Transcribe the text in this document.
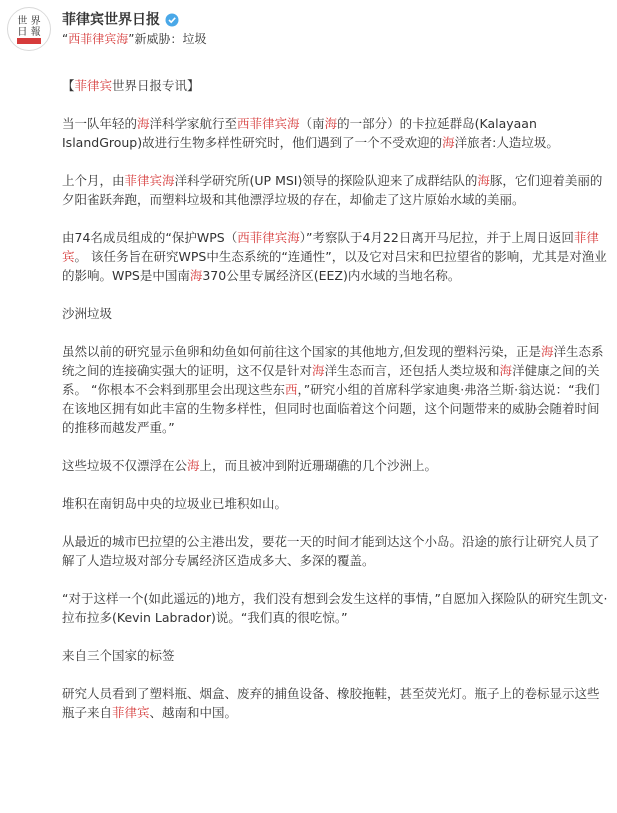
世 界
日 報
菲律宾世界日报
“西菲律宾海”新威胁：垃圾

【菲律宾世界日报专讯】

当一队年轻的海洋科学家航行至西菲律宾海（南海的一部分）的卡拉延群岛(Kalayaan IslandGroup)故进行生物多样性研究时，他们遇到了一个不受欢迎的海洋旅者:人造垃圾。

上个月，由菲律宾海洋科学研究所(UP MSI)领导的探险队迎来了成群结队的海豚，它们迎着美丽的夕阳雀跃奔跑，而塑料垃圾和其他漂浮垃圾的存在，却偷走了这片原始水域的美丽。

由74名成员组成的“保护WPS（西菲律宾海）”考察队于4月22日离开马尼拉，并于上周日返回菲律宾。 该任务旨在研究WPS中生态系统的“连通性”，以及它对吕宋和巴拉望省的影响，尤其是对渔业的影响。WPS是中国南海370公里专属经济区(EEZ)内水域的当地名称。

沙洲垃圾

虽然以前的研究显示鱼卵和幼鱼如何前往这个国家的其他地方,但发现的塑料污染，正是海洋生态系统之间的连接确实强大的证明，这不仅是针对海洋生态而言，还包括人类垃圾和海洋健康之间的关系。 “你根本不会料到那里会出现这些东西，”研究小组的首席科学家迪奥·弗洛兰斯·翁达说：“我们在该地区拥有如此丰富的生物多样性，但同时也面临着这个问题，这个问题带来的威胁会随着时间的推移而越发严重。”

这些垃圾不仅漂浮在公海上，而且被冲到附近珊瑚礁的几个沙洲上。

堆积在南钥岛中央的垃圾业已堆积如山。

从最近的城市巴拉望的公主港出发，要花一天的时间才能到达这个小岛。沿途的旅行让研究人员了解了人造垃圾对部分专属经济区造成多大、多深的覆盖。

“对于这样一个(如此遥远的)地方，我们没有想到会发生这样的事情，”自愿加入探险队的研究生凯文·拉布拉多(Kevin Labrador)说。“我们真的很吃惊。”

来自三个国家的标签

研究人员看到了塑料瓶、烟盒、废弃的捕鱼设备、橡胶拖鞋，甚至荧光灯。瓶子上的卷标显示这些瓶子来自菲律宾、越南和中国。
